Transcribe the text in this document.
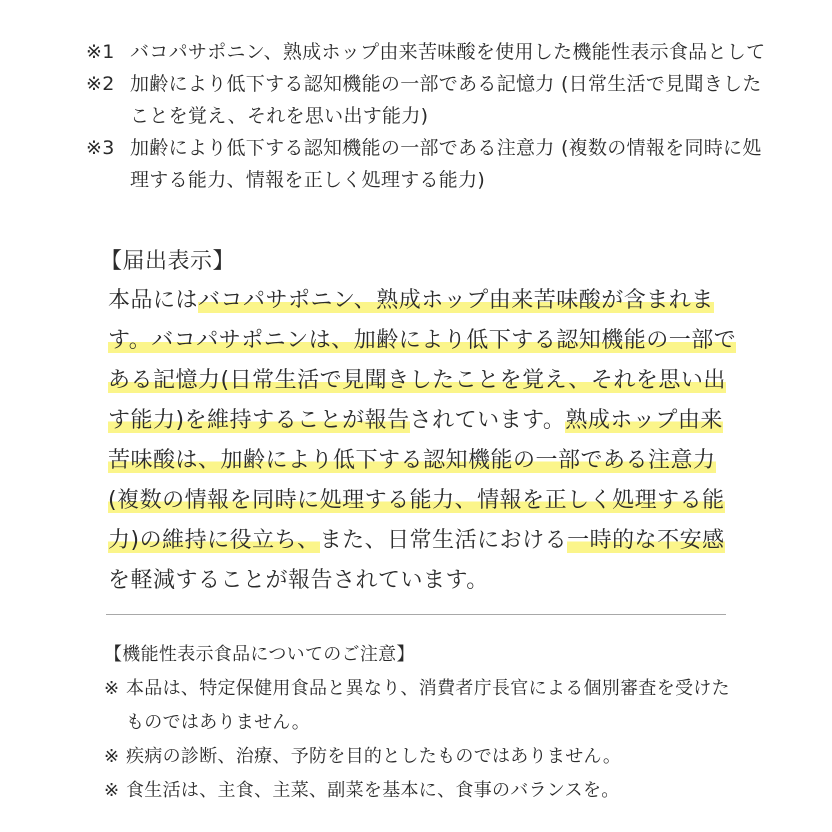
※1 バコパサポニン、熟成ホップ由来苦味酸を使用した機能性表示食品として
※2 加齢により低下する認知機能の一部である記憶力 (日常生活で見聞きしたことを覚え、それを思い出す能力)
※3 加齢により低下する認知機能の一部である注意力 (複数の情報を同時に処理する能力、情報を正しく処理する能力)
【届出表示】
本品にはバコパサポニン、熟成ホップ由来苦味酸が含まれます。バコパサポニンは、加齢により低下する認知機能の一部である記憶力(日常生活で見聞きしたことを覚え、それを思い出す能力)を維持することが報告されています。熟成ホップ由来苦味酸は、加齢により低下する認知機能の一部である注意力(複数の情報を同時に処理する能力、情報を正しく処理する能力)の維持に役立ち、また、日常生活における一時的な不安感を軽減することが報告されています。
【機能性表示食品についてのご注意】
※ 本品は、特定保健用食品と異なり、消費者庁長官による個別審査を受けたものではありません。
※ 疾病の診断、治療、予防を目的としたものではありません。
※ 食生活は、主食、主菜、副菜を基本に、食事のバランスを。
